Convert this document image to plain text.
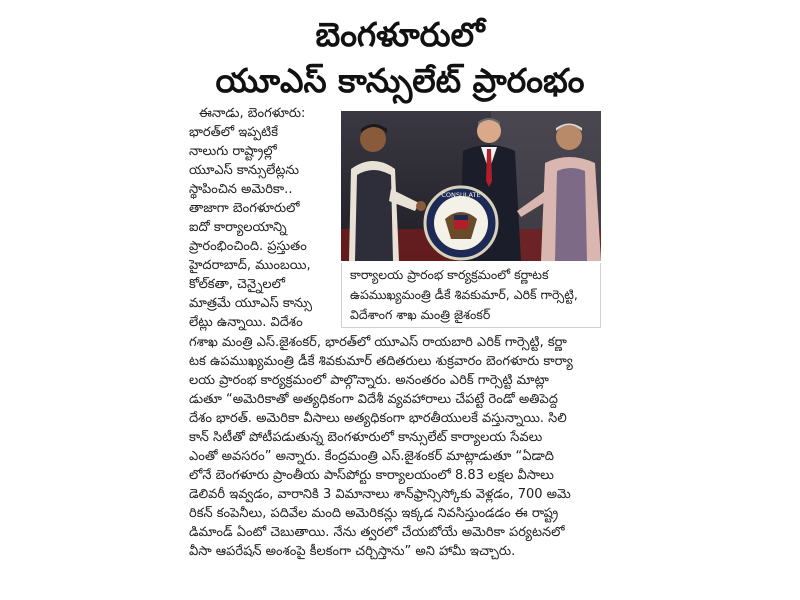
బెంగళూరులో
యూఎస్ కాన్సులేట్ ప్రారంభం
ఈనాడు, బెంగళూరు:
భారత్‌లో ఇప్పటికే
నాలుగు రాష్ట్రాల్లో
యూఎస్ కాన్సులేట్లను
స్థాపించిన అమెరికా..
తాజాగా బెంగళూరులో
ఐదో కార్యాలయాన్ని
ప్రారంభించింది. ప్రస్తుతం
హైదరాబాద్, ముంబయి,
కోల్‌కతా, చెన్నైలలో
మాత్రమే యూఎస్ కాన్సు
లేట్లు ఉన్నాయి. విదేశం
CONSULATE
కార్యాలయ ప్రారంభ కార్యక్రమంలో కర్ణాటక ఉపముఖ్యమంత్రి డీకే శివకుమార్, ఎరిక్ గార్సెట్టి, విదేశాంగ శాఖ మంత్రి జైశంకర్
గశాఖ మంత్రి ఎస్.జైశంకర్, భారత్‌లో యూఎస్ రాయబారి ఎరిక్ గార్సెట్టి, కర్ణా
టక ఉపముఖ్యమంత్రి డీకే శివకుమార్ తదితరులు శుక్రవారం బెంగళూరు కార్యా
లయ ప్రారంభ కార్యక్రమంలో పాల్గొన్నారు. అనంతరం ఎరిక్ గార్సెట్టి మాట్లా
డుతూ “అమెరికాతో అత్యధికంగా విదేశీ వ్యవహారాలు చేపట్టే రెండో అతిపెద్ద
దేశం భారత్. అమెరికా వీసాలు అత్యధికంగా భారతీయులకే వస్తున్నాయి. సిలి
కాన్ సిటీతో పోటీపడుతున్న బెంగళూరులో కాన్సులేట్ కార్యాలయ సేవలు
ఎంతో అవసరం” అన్నారు. కేంద్రమంత్రి ఎస్.జైశంకర్ మాట్లాడుతూ “ఏడాది
లోనే బెంగళూరు ప్రాంతీయ పాస్‌పోర్టు కార్యాలయంలో 8.83 లక్షల వీసాలు
డెలివరీ ఇవ్వడం, వారానికి 3 విమానాలు శాన్‌ఫ్రాన్సిస్కోకు వెళ్లడం, 700 అమె
రికన్ కంపెనీలు, పదివేల మంది అమెరికన్లు ఇక్కడ నివసిస్తుండడం ఈ రాష్ట్ర
డిమాండ్ ఏంటో చెబుతాయి. నేను త్వరలో చేయబోయే అమెరికా పర్యటనలో
వీసా ఆపరేషన్ అంశంపై కీలకంగా చర్చిస్తాను” అని హామీ ఇచ్చారు.
